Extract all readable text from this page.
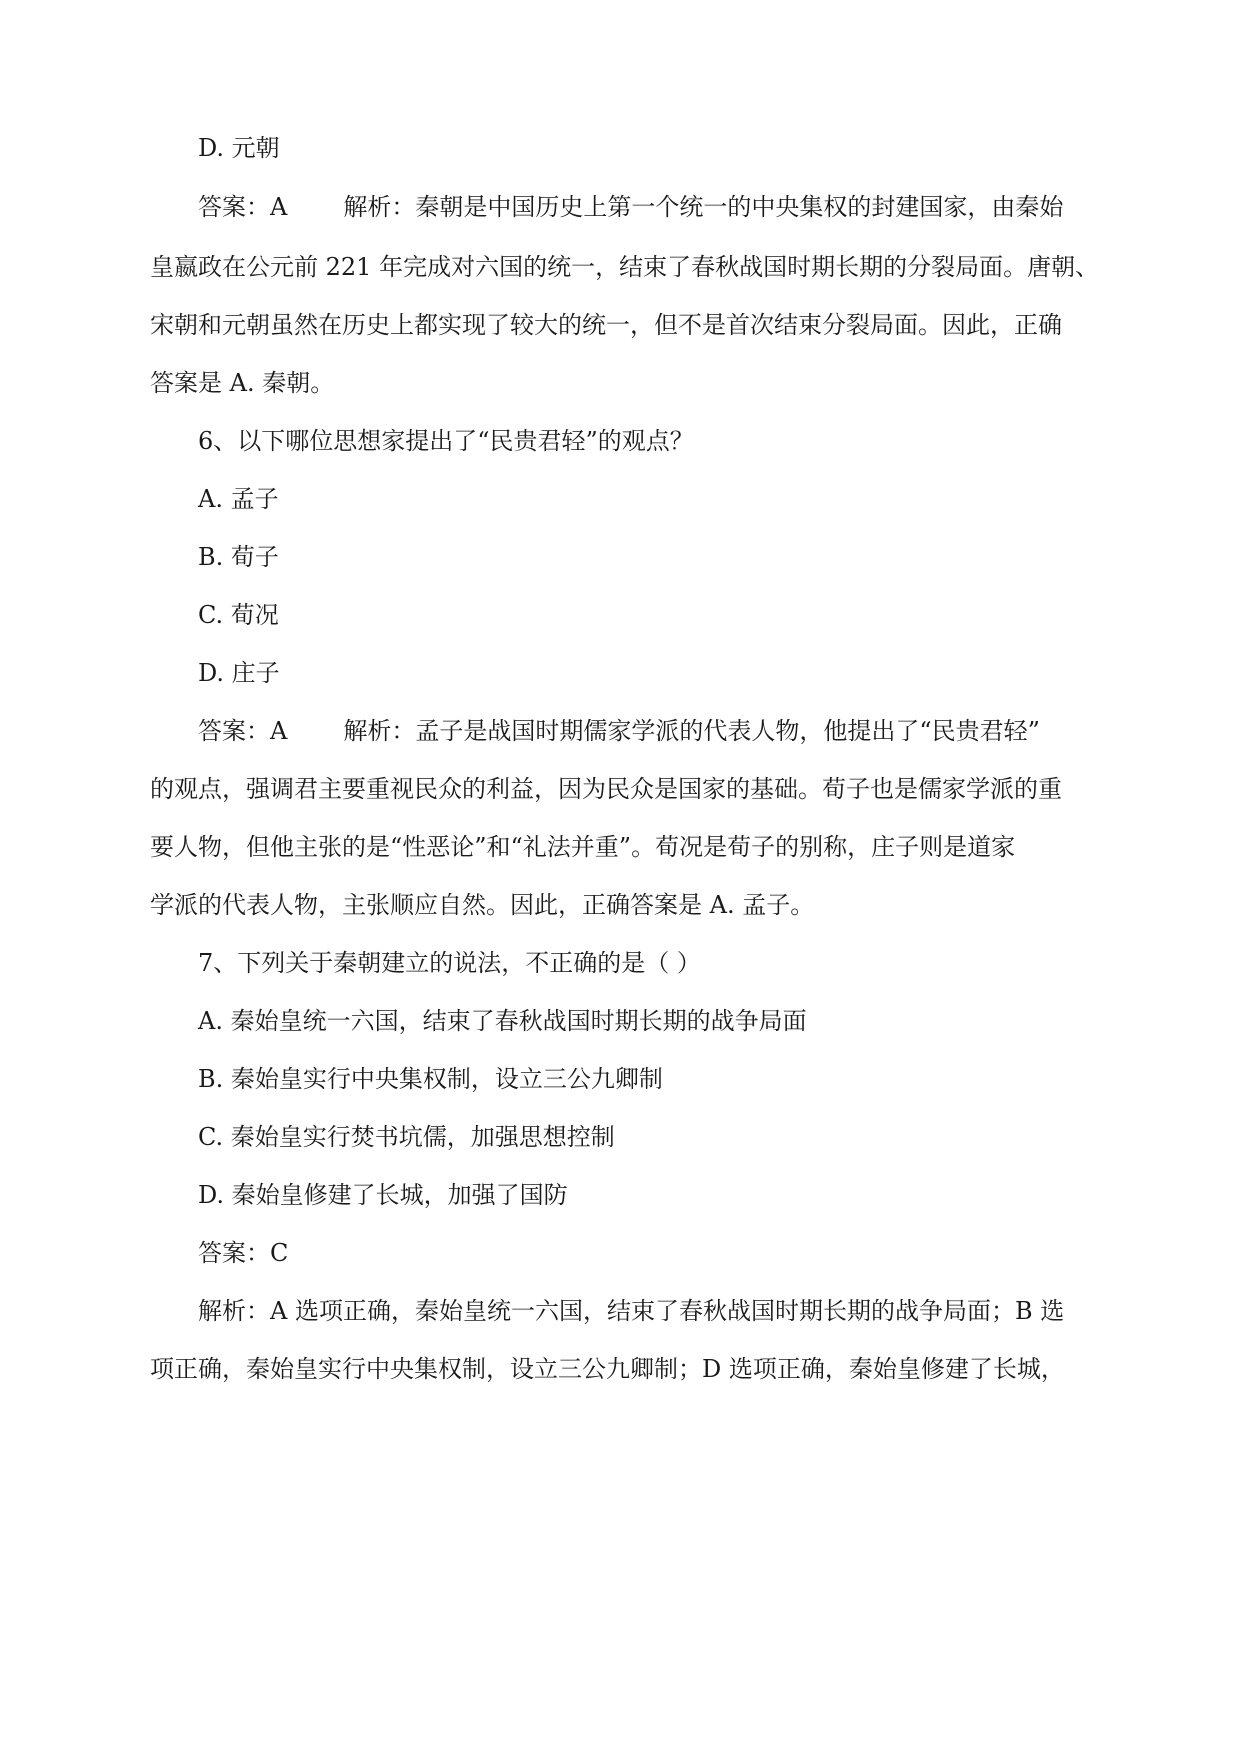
D. 元朝
答案：A 解析：秦朝是中国历史上第一个统一的中央集权的封建国家，由秦始
皇嬴政在公元前 221 年完成对六国的统一，结束了春秋战国时期长期的分裂局面。唐朝、
宋朝和元朝虽然在历史上都实现了较大的统一，但不是首次结束分裂局面。因此，正确
答案是 A. 秦朝。
6、以下哪位思想家提出了“民贵君轻”的观点？
A. 孟子
B. 荀子
C. 荀况
D. 庄子
答案：A 解析：孟子是战国时期儒家学派的代表人物，他提出了“民贵君轻”
的观点，强调君主要重视民众的利益，因为民众是国家的基础。荀子也是儒家学派的重
要人物，但他主张的是“性恶论”和“礼法并重”。荀况是荀子的别称，庄子则是道家
学派的代表人物，主张顺应自然。因此，正确答案是 A. 孟子。
7、下列关于秦朝建立的说法，不正确的是（ ）
A. 秦始皇统一六国，结束了春秋战国时期长期的战争局面
B. 秦始皇实行中央集权制，设立三公九卿制
C. 秦始皇实行焚书坑儒，加强思想控制
D. 秦始皇修建了长城，加强了国防
答案：C
解析：A 选项正确，秦始皇统一六国，结束了春秋战国时期长期的战争局面；B 选
项正确，秦始皇实行中央集权制，设立三公九卿制；D 选项正确，秦始皇修建了长城，
